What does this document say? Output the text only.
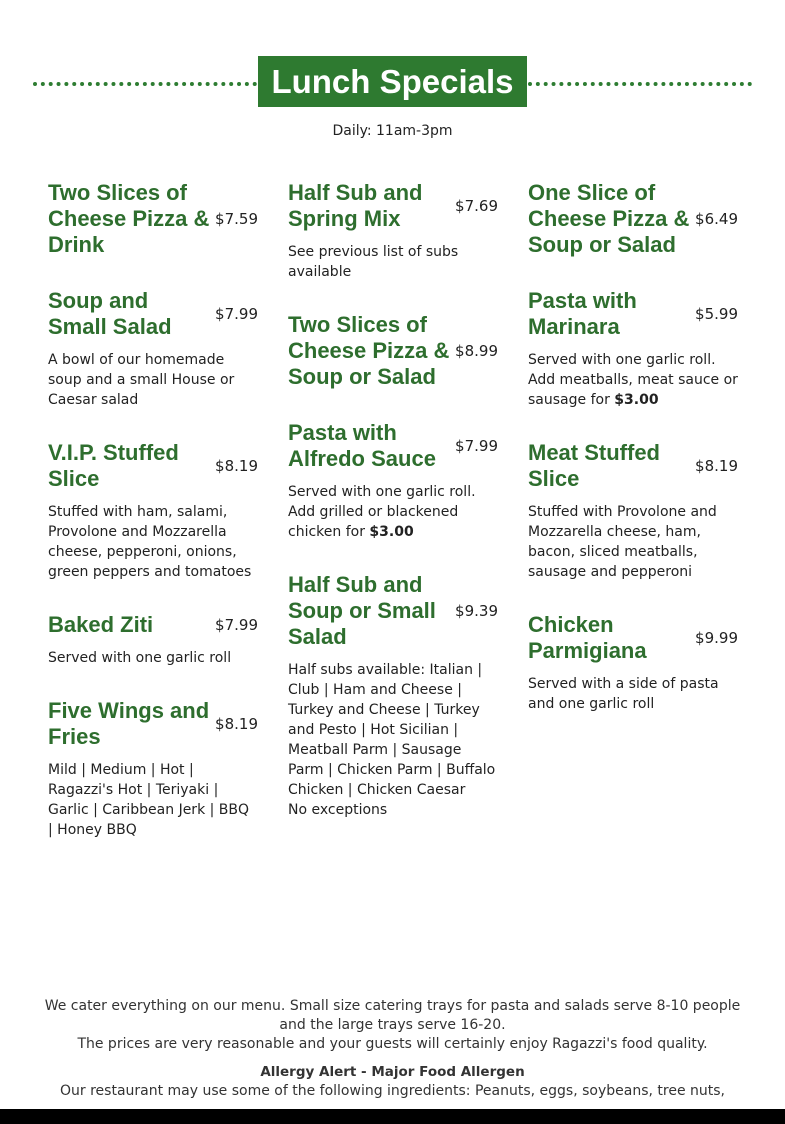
Lunch Specials
Daily: 11am-3pm
Two Slices of Cheese Pizza & Drink
$7.59
Soup and Small Salad	$7.99
A bowl of our homemade soup and a small House or Caesar salad
V.I.P. Stuffed Slice	$8.19
Stuffed with ham, salami, Provolone and Mozzarella cheese, pepperoni, onions, green peppers and tomatoes
Baked Ziti	$7.99
Served with one garlic roll
Five Wings and Fries	$8.19
Mild | Medium | Hot | Ragazzi's Hot | Teriyaki | Garlic | Caribbean Jerk | BBQ | Honey BBQ
Half Sub and Spring Mix	$7.69
See previous list of subs available
Two Slices of Cheese Pizza & Soup or Salad
$8.99
Pasta with Alfredo Sauce	$7.99
Served with one garlic roll. Add grilled or blackened chicken for $3.00
Half Sub and Soup or Small Salad
$9.39
Half subs available: Italian | Club | Ham and Cheese | Turkey and Cheese | Turkey and Pesto | Hot Sicilian | Meatball Parm | Sausage Parm | Chicken Parm | Buffalo Chicken | Chicken Caesar
No exceptions
One Slice of Cheese Pizza & Soup or Salad
$6.49
Pasta with Marinara	$5.99
Served with one garlic roll. Add meatballs, meat sauce or sausage for $3.00
Meat Stuffed Slice	$8.19
Stuffed with Provolone and Mozzarella cheese, ham, bacon, sliced meatballs, sausage and pepperoni
Chicken Parmigiana	$9.99
Served with a side of pasta and one garlic roll
We cater everything on our menu. Small size catering trays for pasta and salads serve 8-10 people and the large trays serve 16-20.
The prices are very reasonable and your guests will certainly enjoy Ragazzi's food quality.
Allergy Alert - Major Food Allergen
Our restaurant may use some of the following ingredients: Peanuts, eggs, soybeans, tree nuts,
